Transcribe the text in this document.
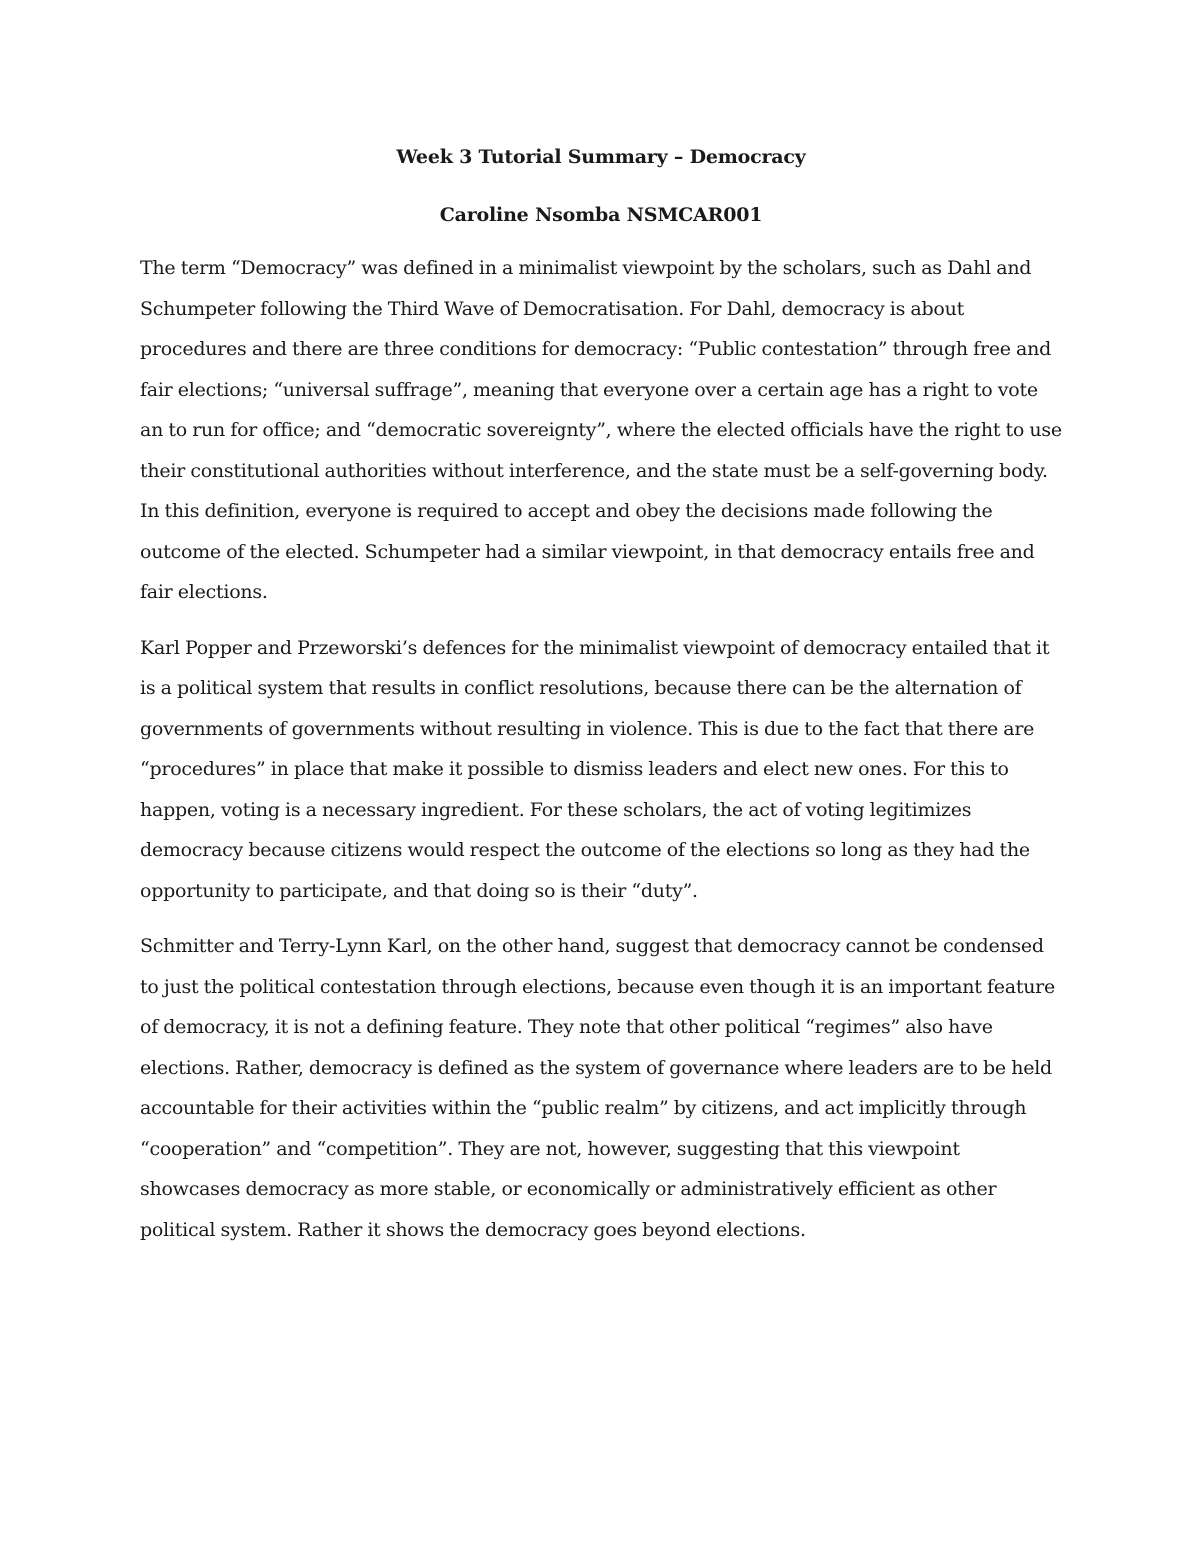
Week 3 Tutorial Summary – Democracy

Caroline Nsomba NSMCAR001

The term “Democracy” was defined in a minimalist viewpoint by the scholars, such as Dahl and Schumpeter following the Third Wave of Democratisation. For Dahl, democracy is about procedures and there are three conditions for democracy: “Public contestation” through free and fair elections; “universal suffrage”, meaning that everyone over a certain age has a right to vote an to run for office; and “democratic sovereignty”, where the elected officials have the right to use their constitutional authorities without interference, and the state must be a self-governing body. In this definition, everyone is required to accept and obey the decisions made following the outcome of the elected. Schumpeter had a similar viewpoint, in that democracy entails free and fair elections.

Karl Popper and Przeworski’s defences for the minimalist viewpoint of democracy entailed that it is a political system that results in conflict resolutions, because there can be the alternation of governments of governments without resulting in violence. This is due to the fact that there are “procedures” in place that make it possible to dismiss leaders and elect new ones. For this to happen, voting is a necessary ingredient. For these scholars, the act of voting legitimizes democracy because citizens would respect the outcome of the elections so long as they had the opportunity to participate, and that doing so is their “duty”.

Schmitter and Terry-Lynn Karl, on the other hand, suggest that democracy cannot be condensed to just the political contestation through elections, because even though it is an important feature of democracy, it is not a defining feature. They note that other political “regimes” also have elections. Rather, democracy is defined as the system of governance where leaders are to be held accountable for their activities within the “public realm” by citizens, and act implicitly through “cooperation” and “competition”. They are not, however, suggesting that this viewpoint showcases democracy as more stable, or economically or administratively efficient as other political system. Rather it shows the democracy goes beyond elections.
